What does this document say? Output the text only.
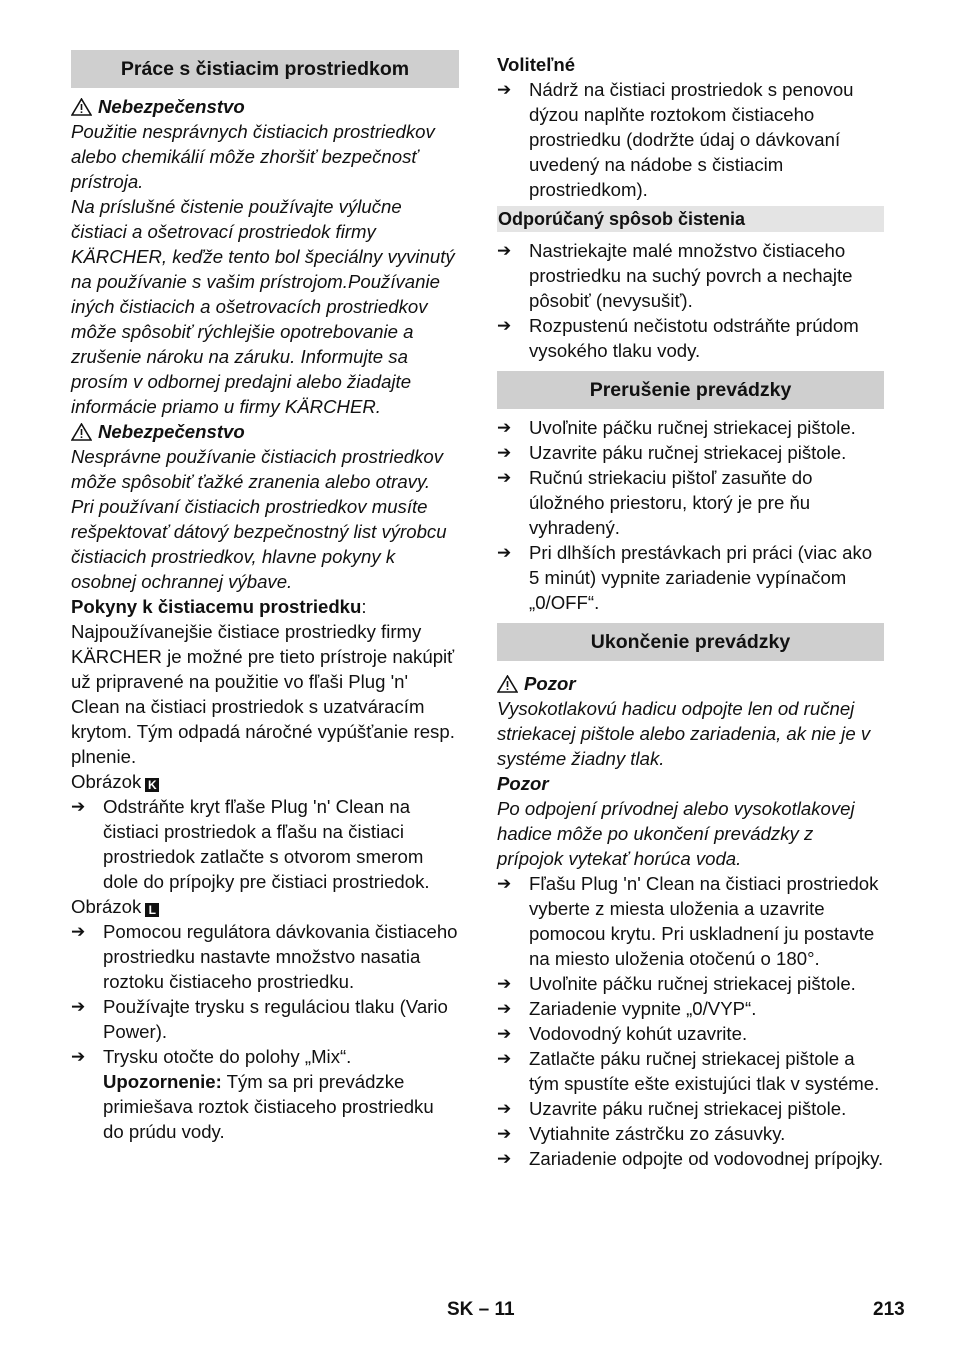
Práce s čistiacim prostriedkom
Nebezpečenstvo

Použitie nesprávnych čistiacich prostriedkov alebo chemikálií môže zhoršiť bezpečnosť prístroja.

Na príslušné čistenie používajte výlučne čistiaci a ošetrovací prostriedok firmy KÄRCHER, keďže tento bol špeciálny vyvinutý na používanie s vašim prístrojom.Používanie iných čistiacich a ošetrovacích prostriedkov môže spôsobiť rýchlejšie opotrebovanie a zrušenie nároku na záruku. Informujte sa prosím v odbornej predajni alebo žiadajte informácie priamo u firmy KÄRCHER.

Nebezpečenstvo

Nesprávne používanie čistiacich prostriedkov môže spôsobiť ťažké zranenia alebo otravy.

Pri používaní čistiacich prostriedkov musíte rešpektovať dátový bezpečnostný list výrobcu čistiacich prostriedkov, hlavne pokyny k osobnej ochrannej výbave.

Pokyny k čistiacemu prostriedku: Najpoužívanejšie čistiace prostriedky firmy KÄRCHER je možné pre tieto prístroje nakúpiť už pripravené na použitie vo fľaši Plug 'n' Clean na čistiaci prostriedok s uzatváracím krytom. Tým odpadá náročné vypúšťanie resp. plnenie.

Obrázok K

➔ Odstráňte kryt fľaše Plug 'n' Clean na čistiaci prostriedok a fľašu na čistiaci prostriedok zatlačte s otvorom smerom dole do prípojky pre čistiaci prostriedok.

Obrázok L

➔ Pomocou regulátora dávkovania čistiaceho prostriedku nastavte množstvo nasatia roztoku čistiaceho prostriedku.
➔ Používajte trysku s reguláciou tlaku (Vario Power).
➔ Trysku otočte do polohy „Mix“.
Upozornenie: Tým sa pri prevádzke primiešava roztok čistiaceho prostriedku do prúdu vody.

Voliteľné

➔ Nádrž na čistiaci prostriedok s penovou dýzou naplňte roztokom čistiaceho prostriedku (dodržte údaj o dávkovaní uvedený na nádobe s čistiacim prostriedkom).
Odporúčaný spôsob čistenia
➔ Nastriekajte malé množstvo čistiaceho prostriedku na suchý povrch a nechajte pôsobiť (nevysušiť).
➔ Rozpustenú nečistotu odstráňte prúdom vysokého tlaku vody.
Prerušenie prevádzky
➔ Uvoľnite páčku ručnej striekacej pištole.
➔ Uzavrite páku ručnej striekacej pištole.
➔ Ručnú striekaciu pištoľ zasuňte do úložného priestoru, ktorý je pre ňu vyhradený.
➔ Pri dlhších prestávkach pri práci (viac ako 5 minút) vypnite zariadenie vypínačom „0/OFF“.
Ukončenie prevádzky
Pozor

Vysokotlakovú hadicu odpojte len od ručnej striekacej pištole alebo zariadenia, ak nie je v systéme žiadny tlak.

Pozor

Po odpojení prívodnej alebo vysokotlakovej hadice môže po ukončení prevádzky z prípojok vytekať horúca voda.

➔ Fľašu Plug 'n' Clean na čistiaci prostriedok vyberte z miesta uloženia a uzavrite pomocou krytu. Pri uskladnení ju postavte na miesto uloženia otočenú o 180°.
➔ Uvoľnite páčku ručnej striekacej pištole.
➔ Zariadenie vypnite „0/VYP“.
➔ Vodovodný kohút uzavrite.
➔ Zatlačte páku ručnej striekacej pištole a tým spustíte ešte existujúci tlak v systéme.
➔ Uzavrite páku ručnej striekacej pištole.
➔ Vytiahnite zástrčku zo zásuvky.
➔ Zariadenie odpojte od vodovodnej prípojky.
SK – 11	213
